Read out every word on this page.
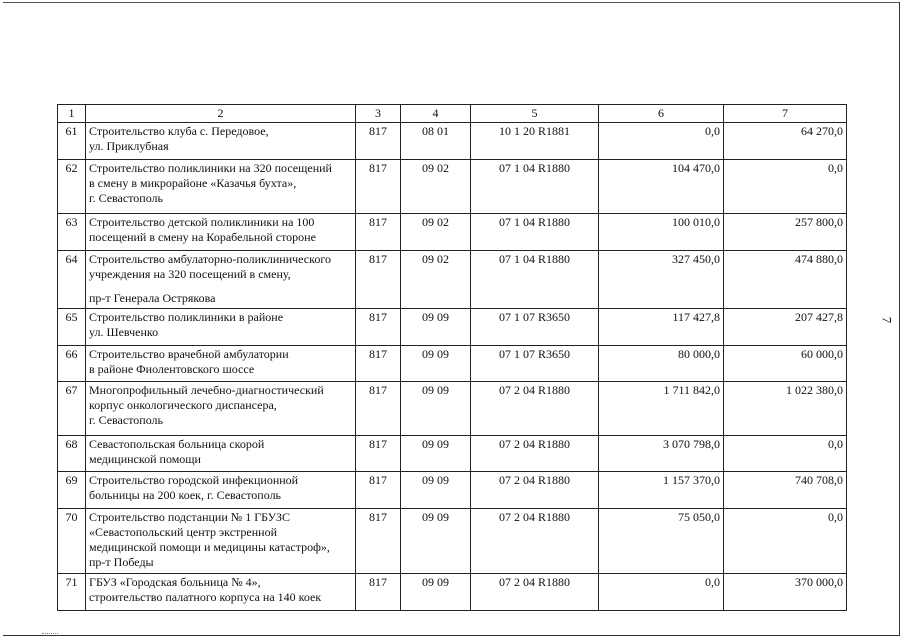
1	2	3	4	5	6	7
61	Строительство клуба с. Передовое,
ул. Приклубная	817	08 01	10 1 20 R1881	0,0	64 270,0
62	Строительство поликлиники на 320 посещений
в смену в микрорайоне «Казачья бухта»,
г. Севастополь	817	09 02	07 1 04 R1880	104 470,0	0,0
63	Строительство детской поликлиники на 100
посещений в смену на Корабельной стороне	817	09 02	07 1 04 R1880	100 010,0	257 800,0
64	Строительство амбулаторно-поликлинического
учреждения на 320 посещений в смену,
пр-т Генерала Острякова	817	09 02	07 1 04 R1880	327 450,0	474 880,0
65	Строительство поликлиники в районе
ул. Шевченко	817	09 09	07 1 07 R3650	117 427,8	207 427,8
66	Строительство врачебной амбулатории
в районе Фиолентовского шоссе	817	09 09	07 1 07 R3650	80 000,0	60 000,0
67	Многопрофильный лечебно-диагностический
корпус онкологического диспансера,
г. Севастополь	817	09 09	07 2 04 R1880	1 711 842,0	1 022 380,0
68	Севастопольская больница скорой
медицинской помощи	817	09 09	07 2 04 R1880	3 070 798,0	0,0
69	Строительство городской инфекционной
больницы на 200 коек, г. Севастополь	817	09 09	07 2 04 R1880	1 157 370,0	740 708,0
70	Строительство подстанции № 1 ГБУЗС
«Севастопольский центр экстренной
медицинской помощи и медицины катастроф»,
пр-т Победы	817	09 09	07 2 04 R1880	75 050,0	0,0
71	ГБУЗ «Городская больница № 4»,
строительство палатного корпуса на 140 коек	817	09 09	07 2 04 R1880	0,0	370 000,0
7
